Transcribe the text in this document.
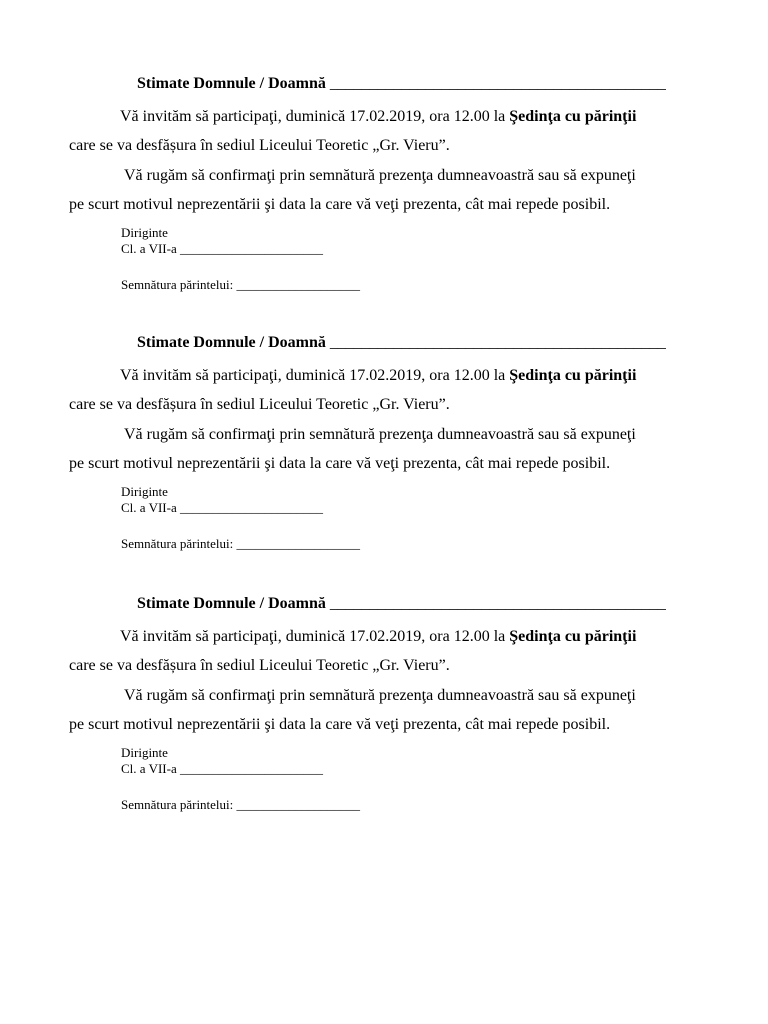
Stimate Domnule / Doamnă __________________________________________
Vă invităm să participaţi, duminică 17.02.2019, ora 12.00 la Şedinţa cu părinţii
care se va desfășura în sediul Liceului Teoretic „Gr. Vieru”.
Vă rugăm să confirmaţi prin semnătură prezenţa dumneavoastră sau să expuneţi
pe scurt motivul neprezentării şi data la care vă veţi prezenta, cât mai repede posibil.
Diriginte
Cl. a VII-a ______________________
Semnătura părintelui: ___________________
Stimate Domnule / Doamnă __________________________________________
Vă invităm să participaţi, duminică 17.02.2019, ora 12.00 la Şedinţa cu părinţii
care se va desfășura în sediul Liceului Teoretic „Gr. Vieru”.
Vă rugăm să confirmaţi prin semnătură prezenţa dumneavoastră sau să expuneţi
pe scurt motivul neprezentării şi data la care vă veţi prezenta, cât mai repede posibil.
Diriginte
Cl. a VII-a ______________________
Semnătura părintelui: ___________________
Stimate Domnule / Doamnă __________________________________________
Vă invităm să participaţi, duminică 17.02.2019, ora 12.00 la Şedinţa cu părinţii
care se va desfășura în sediul Liceului Teoretic „Gr. Vieru”.
Vă rugăm să confirmaţi prin semnătură prezenţa dumneavoastră sau să expuneţi
pe scurt motivul neprezentării şi data la care vă veţi prezenta, cât mai repede posibil.
Diriginte
Cl. a VII-a ______________________
Semnătura părintelui: ___________________
